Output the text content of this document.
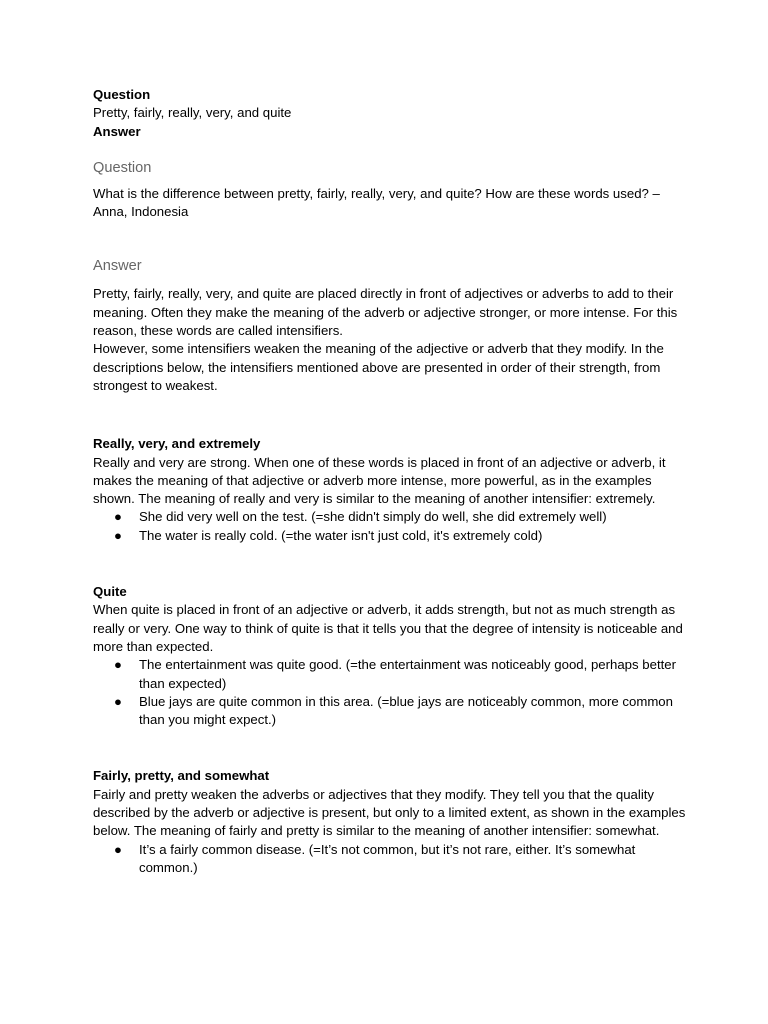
Question

Pretty, fairly, really, very, and quite

Answer

Question

What is the difference between pretty, fairly, really, very, and quite? How are these words used? – Anna, Indonesia

Answer

Pretty, fairly, really, very, and quite are placed directly in front of adjectives or adverbs to add to their meaning. Often they make the meaning of the adverb or adjective stronger, or more intense. For this reason, these words are called intensifiers.

However, some intensifiers weaken the meaning of the adjective or adverb that they modify. In the descriptions below, the intensifiers mentioned above are presented in order of their strength, from strongest to weakest.

Really, very, and extremely

Really and very are strong. When one of these words is placed in front of an adjective or adverb, it makes the meaning of that adjective or adverb more intense, more powerful, as in the examples shown. The meaning of really and very is similar to the meaning of another intensifier: extremely.

● She did very well on the test. (=she didn't simply do well, she did extremely well)
● The water is really cold. (=the water isn't just cold, it's extremely cold)

Quite

When quite is placed in front of an adjective or adverb, it adds strength, but not as much strength as really or very. One way to think of quite is that it tells you that the degree of intensity is noticeable and more than expected.

● The entertainment was quite good. (=the entertainment was noticeably good, perhaps better than expected)
● Blue jays are quite common in this area. (=blue jays are noticeably common, more common than you might expect.)

Fairly, pretty, and somewhat

Fairly and pretty weaken the adverbs or adjectives that they modify. They tell you that the quality described by the adverb or adjective is present, but only to a limited extent, as shown in the examples below. The meaning of fairly and pretty is similar to the meaning of another intensifier: somewhat.

● It’s a fairly common disease. (=It’s not common, but it’s not rare, either. It’s somewhat common.)
